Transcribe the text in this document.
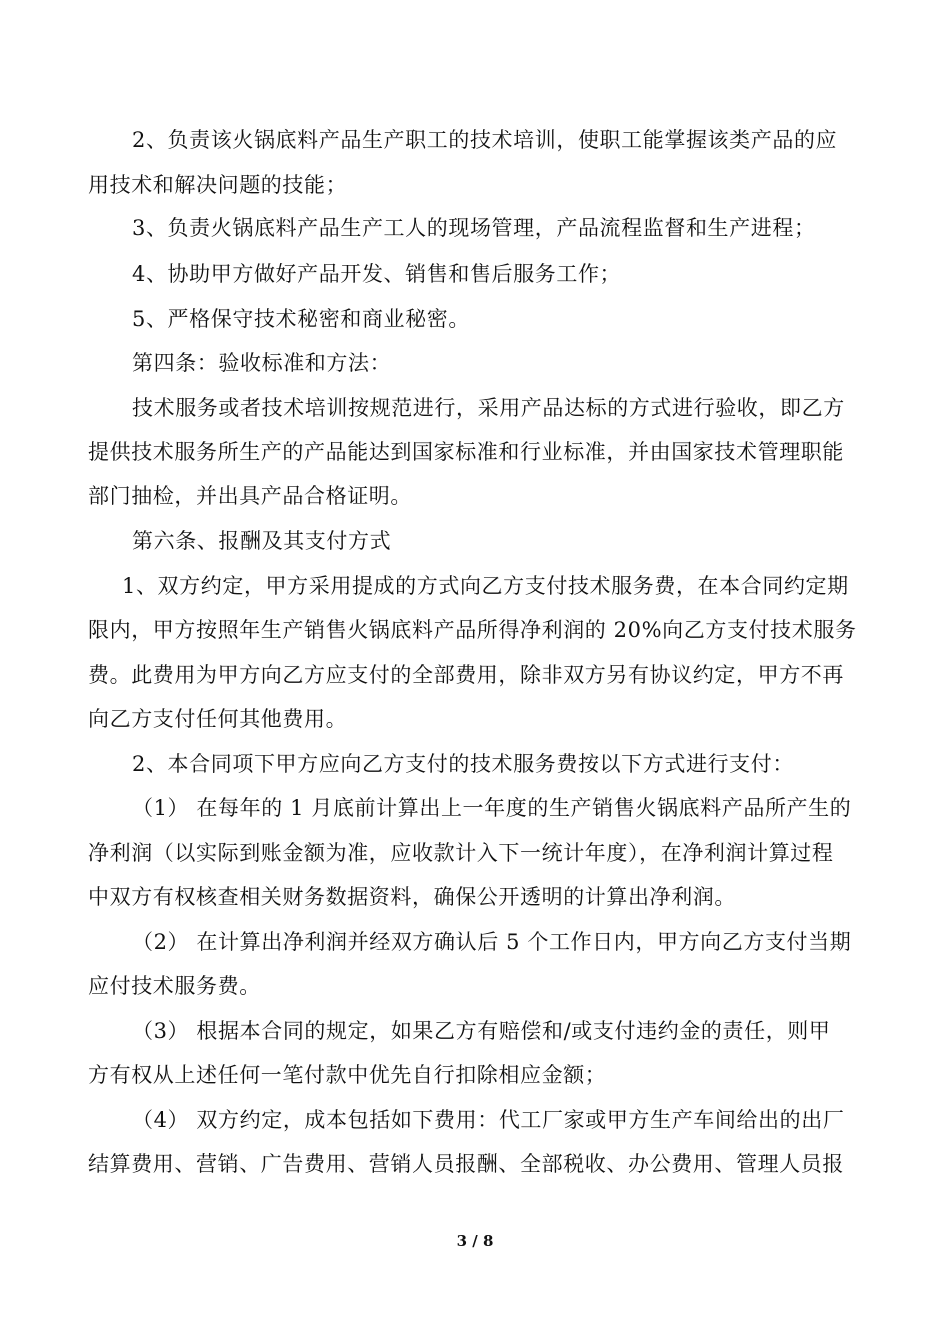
2、负责该火锅底料产品生产职工的技术培训，使职工能掌握该类产品的应
用技术和解决问题的技能；
3、负责火锅底料产品生产工人的现场管理，产品流程监督和生产进程；
4、协助甲方做好产品开发、销售和售后服务工作；
5、严格保守技术秘密和商业秘密。
第四条：验收标准和方法：
技术服务或者技术培训按规范进行，采用产品达标的方式进行验收，即乙方
提供技术服务所生产的产品能达到国家标准和行业标准，并由国家技术管理职能
部门抽检，并出具产品合格证明。
第六条、报酬及其支付方式
1、双方约定，甲方采用提成的方式向乙方支付技术服务费，在本合同约定期
限内，甲方按照年生产销售火锅底料产品所得净利润的 20%向乙方支付技术服务
费。此费用为甲方向乙方应支付的全部费用，除非双方另有协议约定，甲方不再
向乙方支付任何其他费用。
2、本合同项下甲方应向乙方支付的技术服务费按以下方式进行支付：
（1） 在每年的 1 月底前计算出上一年度的生产销售火锅底料产品所产生的
净利润（以实际到账金额为准，应收款计入下一统计年度），在净利润计算过程
中双方有权核查相关财务数据资料，确保公开透明的计算出净利润。
（2） 在计算出净利润并经双方确认后 5 个工作日内，甲方向乙方支付当期
应付技术服务费。
（3） 根据本合同的规定，如果乙方有赔偿和/或支付违约金的责任，则甲
方有权从上述任何一笔付款中优先自行扣除相应金额；
（4） 双方约定，成本包括如下费用：代工厂家或甲方生产车间给出的出厂
结算费用、营销、广告费用、营销人员报酬、全部税收、办公费用、管理人员报
3 / 8
